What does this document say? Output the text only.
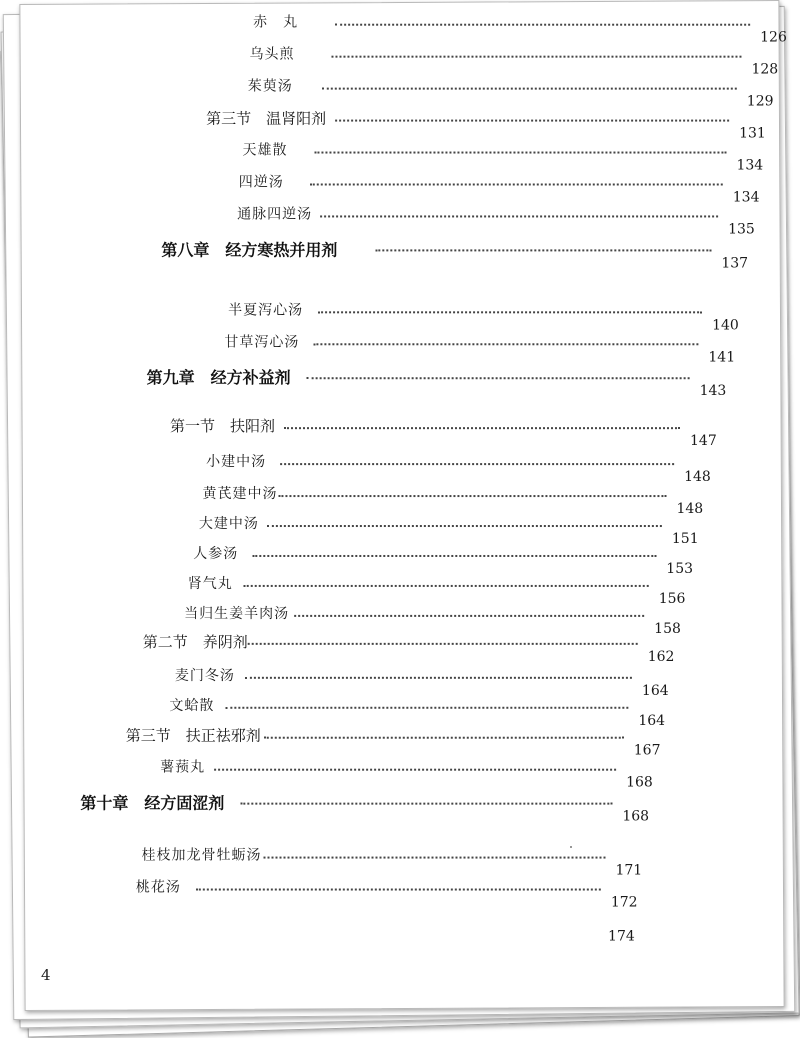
赤　丸
126
乌头煎
128
茱萸汤
129
第三节　温肾阳剂
131
天雄散
134
四逆汤
134
通脉四逆汤
135
第八章　经方寒热并用剂
137
半夏泻心汤
140
甘草泻心汤
141
第九章　经方补益剂
143
第一节　扶阳剂
147
小建中汤
148
黄芪建中汤
148
大建中汤
151
人参汤
153
肾气丸
156
当归生姜羊肉汤
158
第二节　养阴剂
162
麦门冬汤
164
文蛤散
164
第三节　扶正祛邪剂
167
薯蓣丸
168
第十章　经方固涩剂
168
桂枝加龙骨牡蛎汤
171
桃花汤
172
174
4
